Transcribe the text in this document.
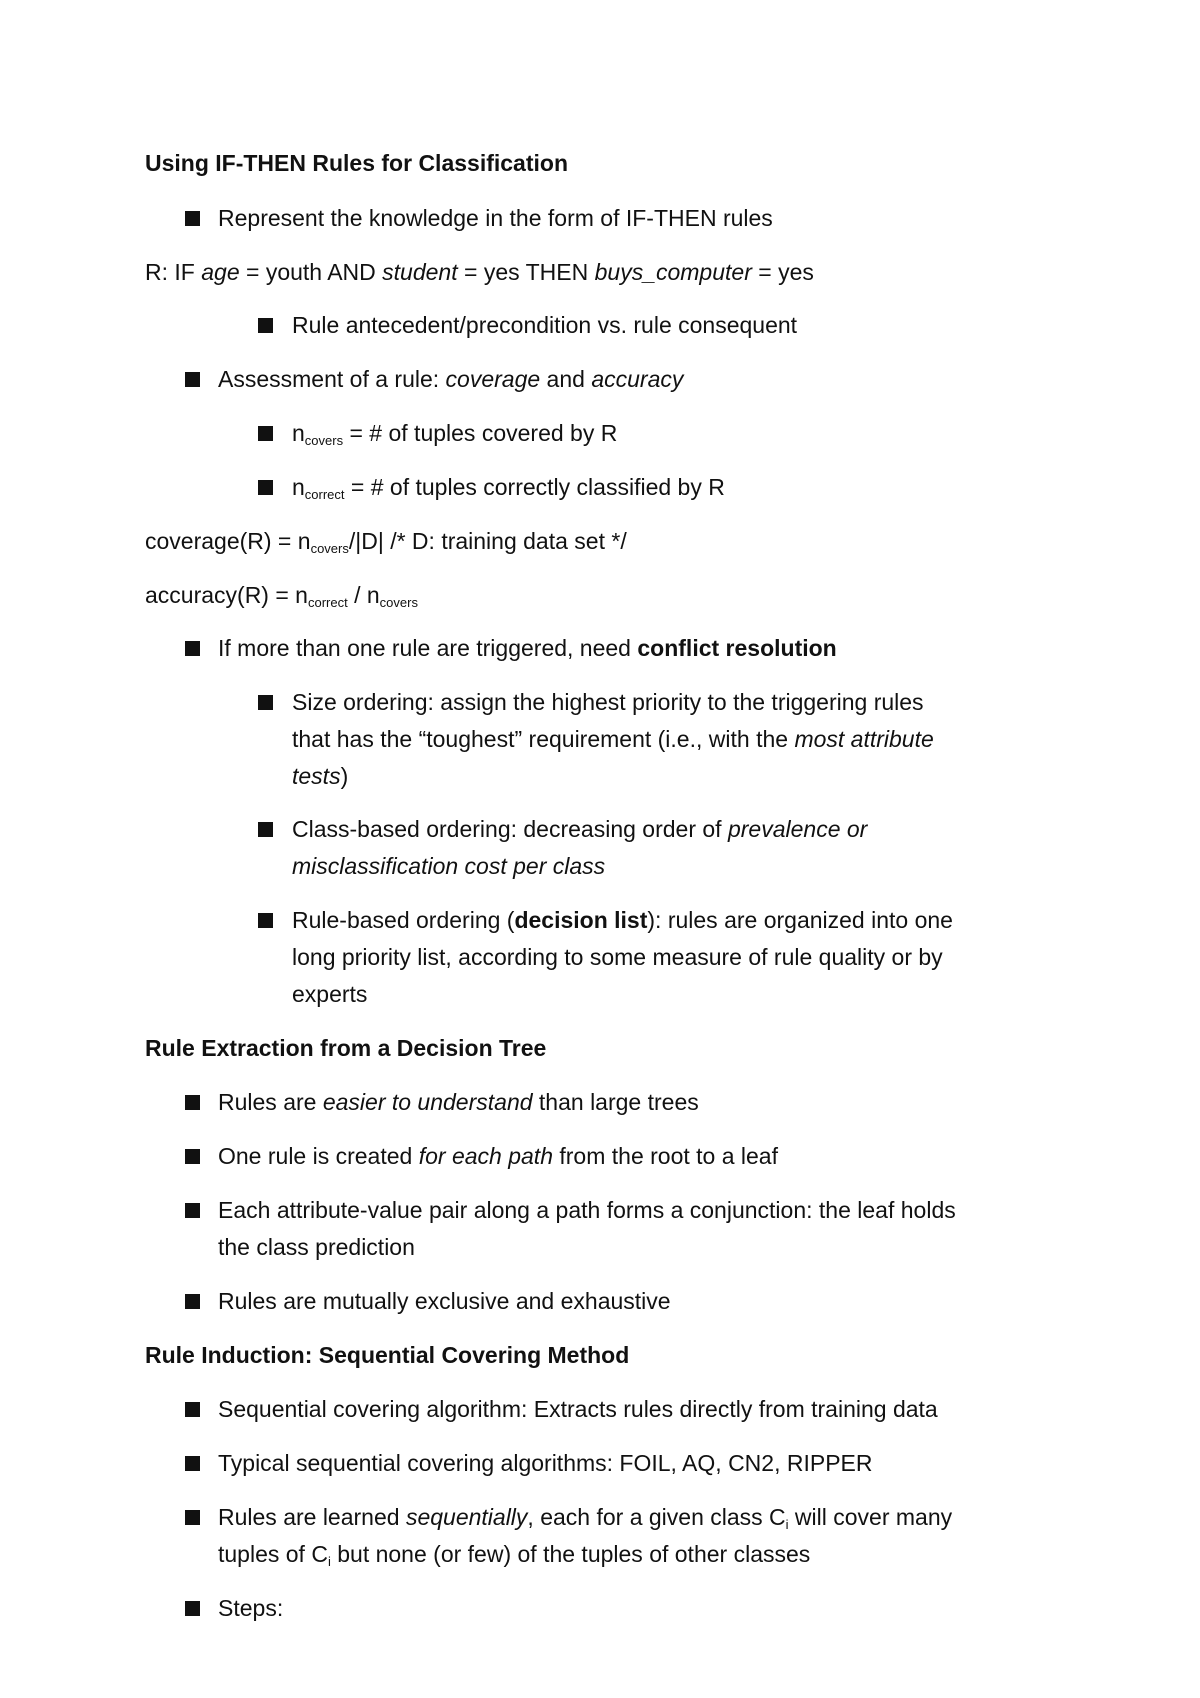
Using IF-THEN Rules for Classification
Represent the knowledge in the form of IF-THEN rules
R: IF age = youth AND student = yes THEN buys_computer = yes
Rule antecedent/precondition vs. rule consequent
Assessment of a rule: coverage and accuracy
$n_{covers}$ = # of tuples covered by R
$n_{correct}$ = # of tuples correctly classified by R
coverage(R) = $n_{covers}/|D|$ /* D: training data set */
accuracy(R) = $n_{correct} / n_{covers}$
If more than one rule are triggered, need conflict resolution
Size ordering: assign the highest priority to the triggering rules
that has the “toughest” requirement (i.e., with the most attribute
tests)
Class-based ordering: decreasing order of prevalence or
misclassification cost per class
Rule-based ordering (decision list): rules are organized into one
long priority list, according to some measure of rule quality or by
experts
Rule Extraction from a Decision Tree
Rules are easier to understand than large trees
One rule is created for each path from the root to a leaf
Each attribute-value pair along a path forms a conjunction: the leaf holds
the class prediction
Rules are mutually exclusive and exhaustive
Rule Induction: Sequential Covering Method
Sequential covering algorithm: Extracts rules directly from training data
Typical sequential covering algorithms: FOIL, AQ, CN2, RIPPER
Rules are learned sequentially, each for a given class $C_i$ will cover many
tuples of $C_i$ but none (or few) of the tuples of other classes
Steps:
